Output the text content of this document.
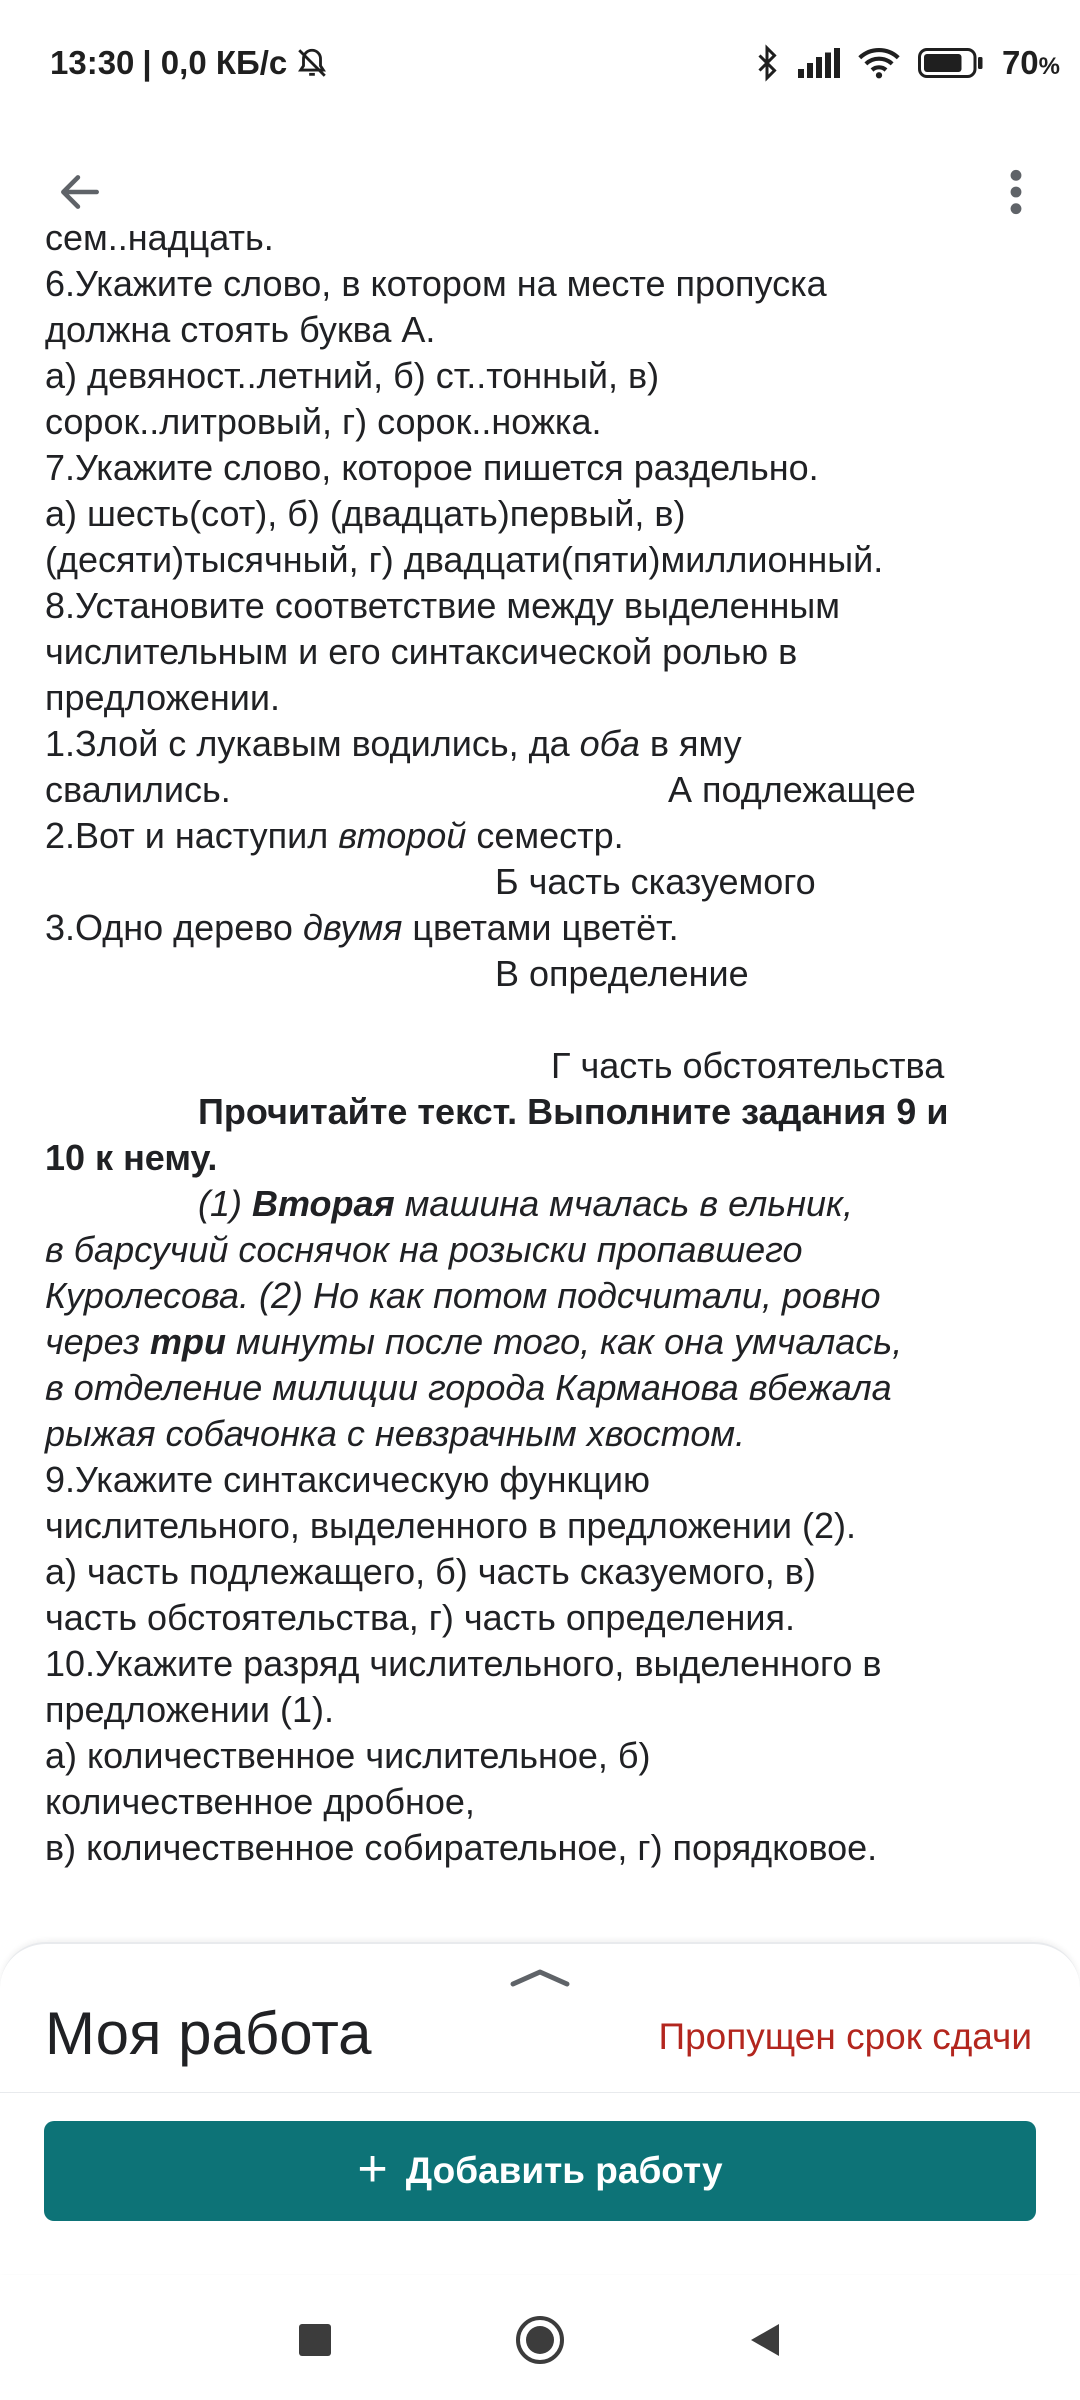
13:30 | 0,0 КБ/с	70%

сем..надцать.

6.Укажите слово, в котором на месте пропуска

должна стоять буква А.

а) девяност..летний, б) ст..тонный, в)

сорок..литровый, г) сорок..ножка.

7.Укажите слово, которое пишется раздельно.

а) шесть(сот), б) (двадцать)первый, в)

(десяти)тысячный, г) двадцати(пяти)миллионный.

8.Установите соответствие между выделенным

числительным и его синтаксической ролью в

предложении.

1.Злой с лукавым водились, да оба в яму

свалились.	А подлежащее

2.Вот и наступил второй семестр.

Б часть сказуемого

3.Одно дерево двумя цветами цветёт.

В определение

Г часть обстоятельства

Прочитайте текст. Выполните задания 9 и

10 к нему.

(1) Вторая машина мчалась в ельник,

в барсучий соснячок на розыски пропавшего

Куролесова. (2) Но как потом подсчитали, ровно

через три минуты после того, как она умчалась,

в отделение милиции города Карманова вбежала

рыжая собачонка с невзрачным хвостом.

9.Укажите синтаксическую функцию

числительного, выделенного в предложении (2).

а) часть подлежащего, б) часть сказуемого, в)

часть обстоятельства, г) часть определения.

10.Укажите разряд числительного, выделенного в

предложении (1).

а) количественное числительное, б)

количественное дробное,

в) количественное собирательное, г) порядковое.

Моя работа	Пропущен срок сдачи
+ Добавить работу
